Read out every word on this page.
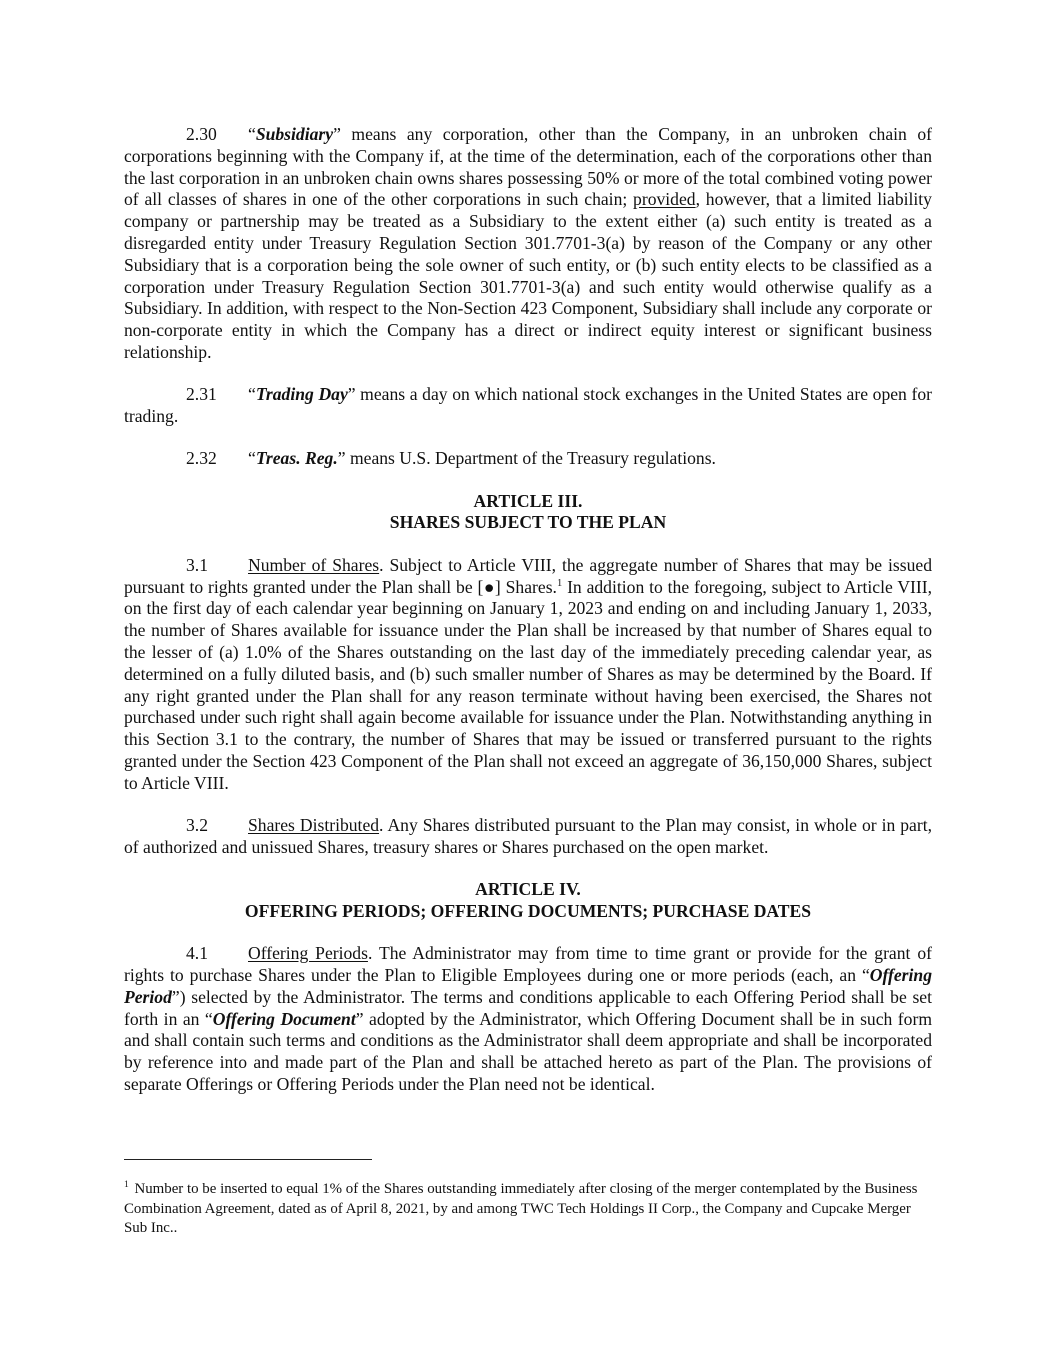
2.30 “Subsidiary” means any corporation, other than the Company, in an unbroken chain of corporations beginning with the Company if, at the time of the determination, each of the corporations other than the last corporation in an unbroken chain owns shares possessing 50% or more of the total combined voting power of all classes of shares in one of the other corporations in such chain; provided, however, that a limited liability company or partnership may be treated as a Subsidiary to the extent either (a) such entity is treated as a disregarded entity under Treasury Regulation Section 301.7701-3(a) by reason of the Company or any other Subsidiary that is a corporation being the sole owner of such entity, or (b) such entity elects to be classified as a corporation under Treasury Regulation Section 301.7701-3(a) and such entity would otherwise qualify as a Subsidiary. In addition, with respect to the Non-Section 423 Component, Subsidiary shall include any corporate or non-corporate entity in which the Company has a direct or indirect equity interest or significant business relationship.

2.31 “Trading Day” means a day on which national stock exchanges in the United States are open for trading.

2.32 “Treas. Reg.” means U.S. Department of the Treasury regulations.

ARTICLE III.

SHARES SUBJECT TO THE PLAN

3.1 Number of Shares. Subject to Article VIII, the aggregate number of Shares that may be issued pursuant to rights granted under the Plan shall be [●] Shares.$^1$ In addition to the foregoing, subject to Article VIII, on the first day of each calendar year beginning on January 1, 2023 and ending on and including January 1, 2033, the number of Shares available for issuance under the Plan shall be increased by that number of Shares equal to the lesser of (a) 1.0% of the Shares outstanding on the last day of the immediately preceding calendar year, as determined on a fully diluted basis, and (b) such smaller number of Shares as may be determined by the Board. If any right granted under the Plan shall for any reason terminate without having been exercised, the Shares not purchased under such right shall again become available for issuance under the Plan. Notwithstanding anything in this Section 3.1 to the contrary, the number of Shares that may be issued or transferred pursuant to the rights granted under the Section 423 Component of the Plan shall not exceed an aggregate of 36,150,000 Shares, subject to Article VIII.

3.2 Shares Distributed. Any Shares distributed pursuant to the Plan may consist, in whole or in part, of authorized and unissued Shares, treasury shares or Shares purchased on the open market.

ARTICLE IV.

OFFERING PERIODS; OFFERING DOCUMENTS; PURCHASE DATES

4.1 Offering Periods. The Administrator may from time to time grant or provide for the grant of rights to purchase Shares under the Plan to Eligible Employees during one or more periods (each, an “Offering Period”) selected by the Administrator. The terms and conditions applicable to each Offering Period shall be set forth in an “Offering Document” adopted by the Administrator, which Offering Document shall be in such form and shall contain such terms and conditions as the Administrator shall deem appropriate and shall be incorporated by reference into and made part of the Plan and shall be attached hereto as part of the Plan. The provisions of separate Offerings or Offering Periods under the Plan need not be identical.

$^1$ Number to be inserted to equal 1% of the Shares outstanding immediately after closing of the merger contemplated by the Business Combination Agreement, dated as of April 8, 2021, by and among TWC Tech Holdings II Corp., the Company and Cupcake Merger Sub Inc..
